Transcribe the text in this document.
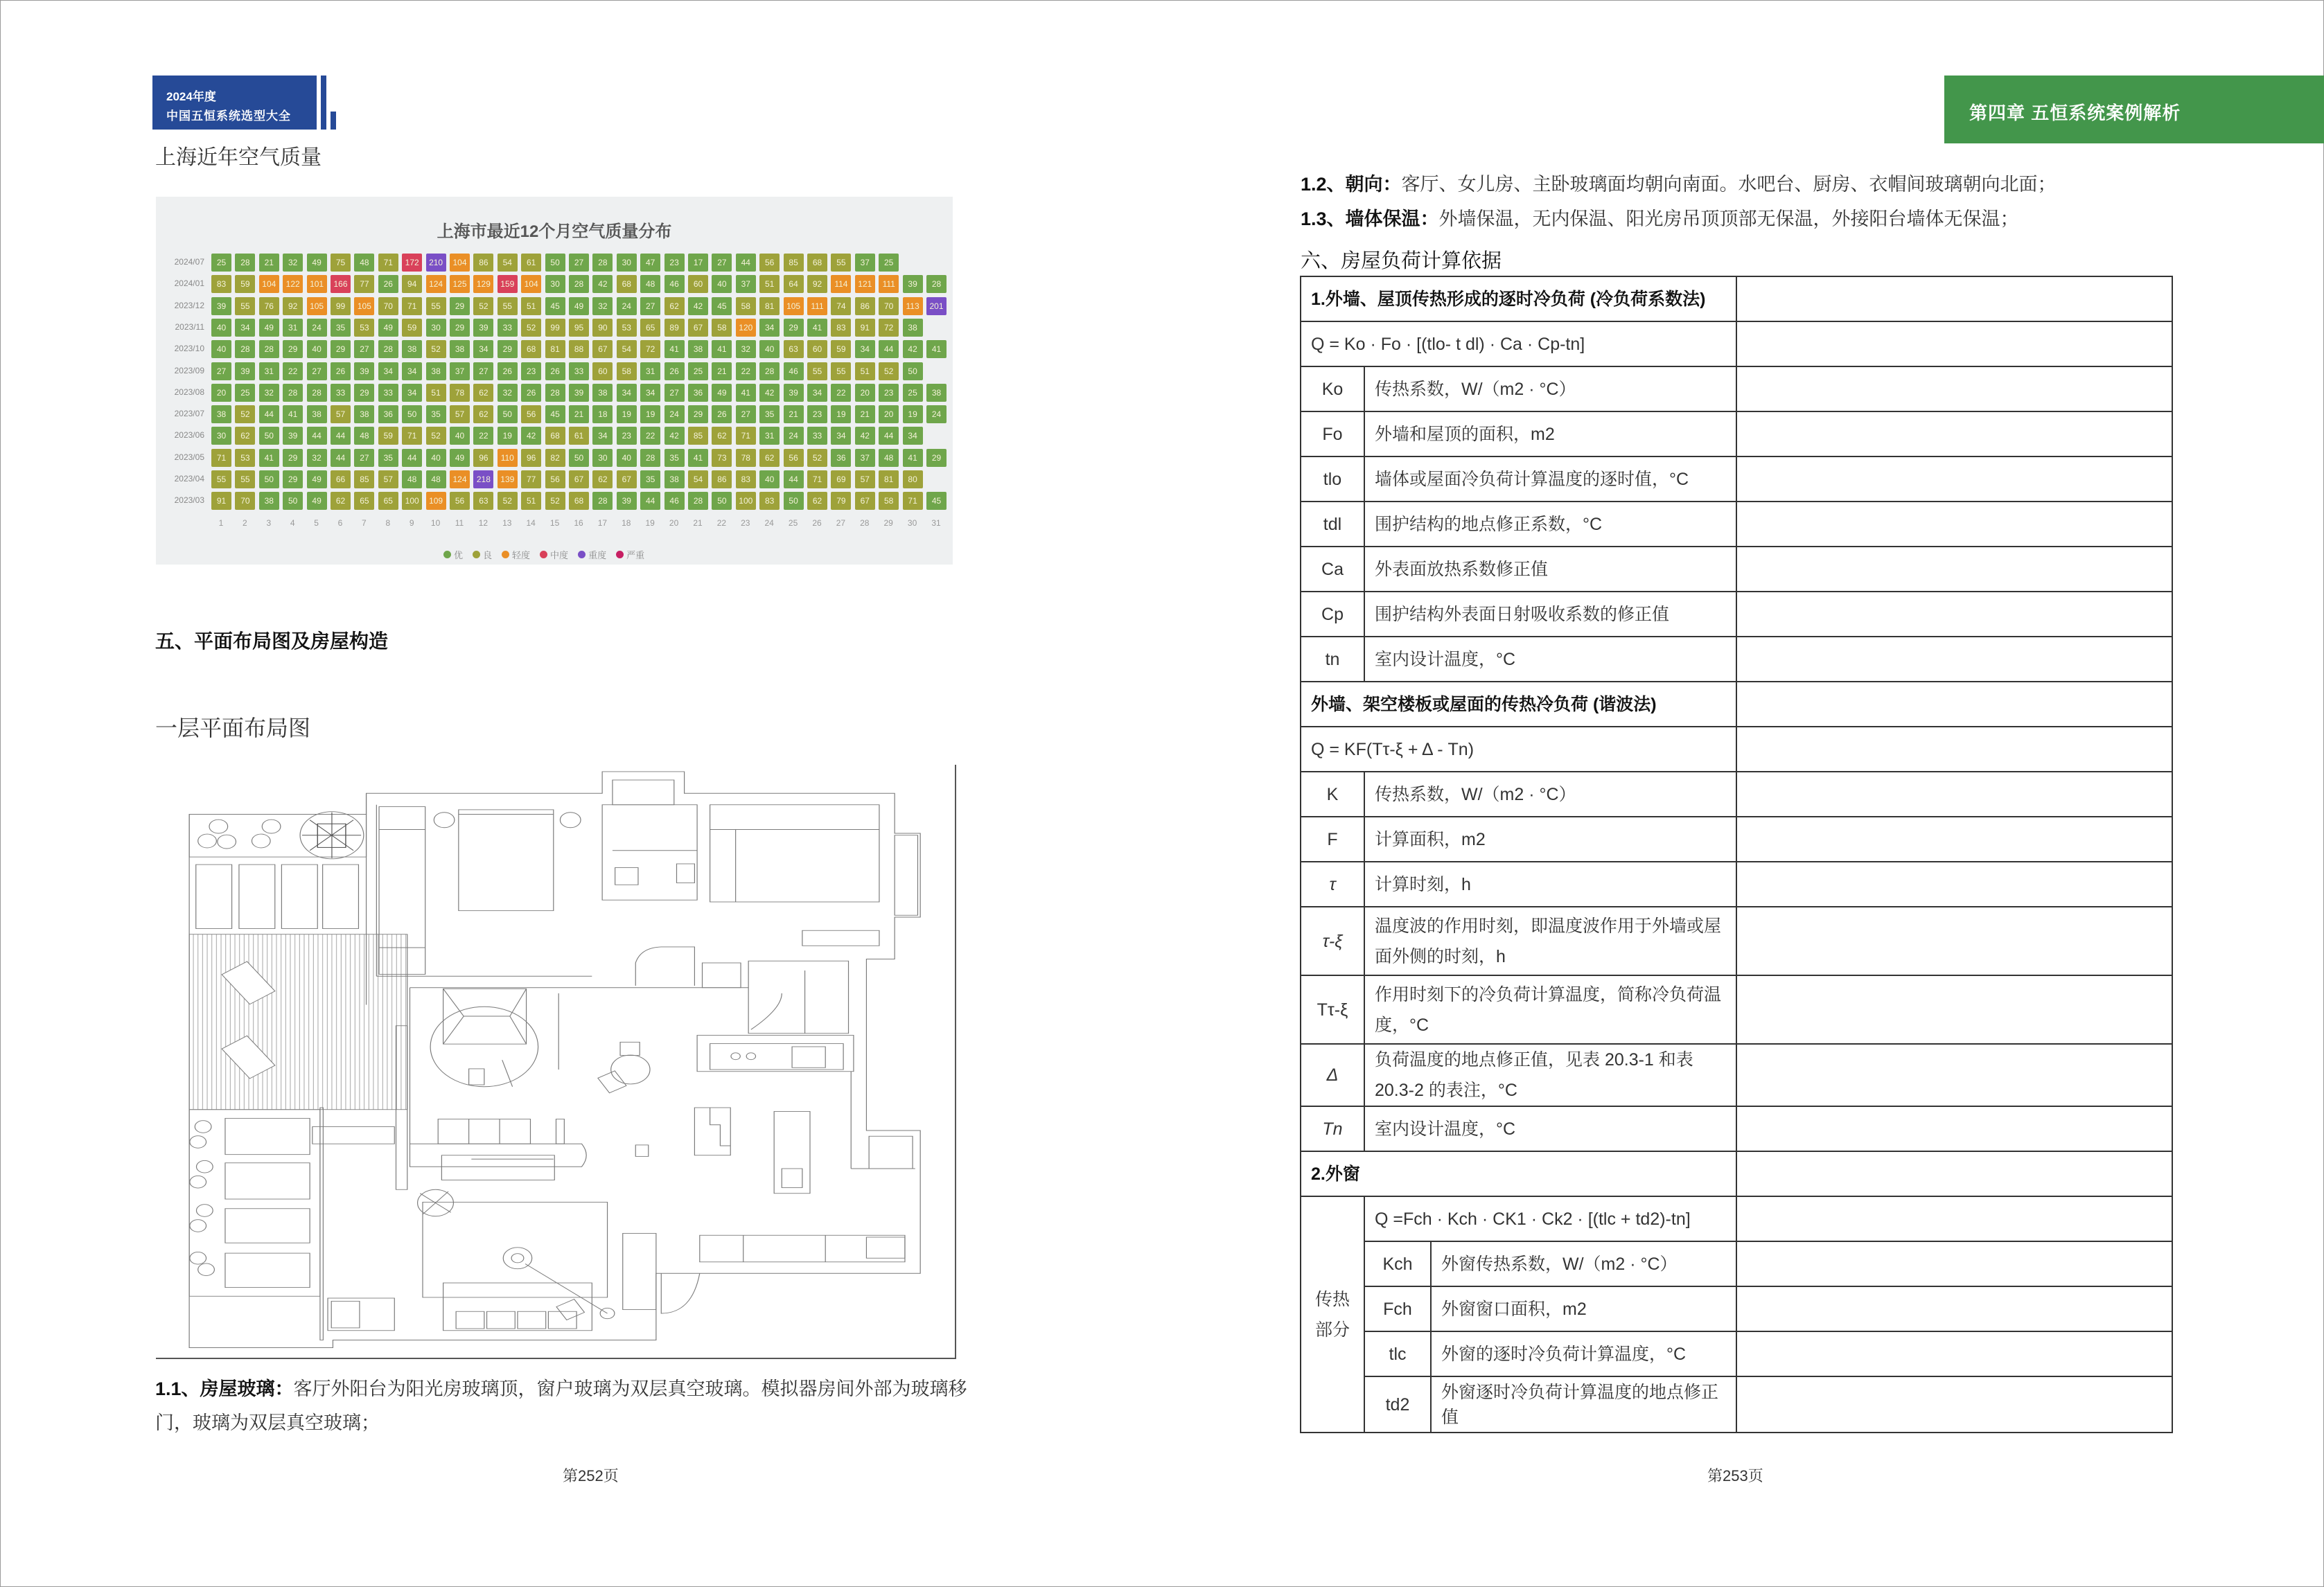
2024年度
中国五恒系统选型大全
上海近年空气质量
上海市最近12个月空气质量分布
2024/07	25	28	21	32	49	75	48	71	172	210	104	86	54	61	50	27	28	30	47	23	17	27	44	56	85	68	55	37	25
2024/01	83	59	104	122	101	166	77	26	94	124	125	129	159	104	30	28	42	68	48	46	60	40	37	51	64	92	114	121	111	39	28
2023/12	39	55	76	92	105	99	105	70	71	55	29	52	55	51	45	49	32	24	27	62	42	45	58	81	105	111	74	86	70	113	201
2023/11	40	34	49	31	24	35	53	49	59	30	29	39	33	52	99	95	90	53	65	89	67	58	120	34	29	41	83	91	72	38
2023/10	40	28	28	29	40	29	27	28	38	52	38	34	29	68	81	88	67	54	72	41	38	41	32	40	63	60	59	34	44	42	41
2023/09	27	39	31	22	27	26	39	34	34	38	37	27	26	23	26	33	60	58	31	26	25	21	22	28	46	55	55	51	52	50
2023/08	20	25	32	28	28	33	29	33	34	51	78	62	32	26	28	39	38	34	34	27	36	49	41	42	39	34	22	20	23	25	38
2023/07	38	52	44	41	38	57	38	36	50	35	57	62	50	56	45	21	18	19	19	24	29	26	27	35	21	23	19	21	20	19	24
2023/06	30	62	50	39	44	44	48	59	71	52	40	22	19	42	68	61	34	23	22	42	85	62	71	31	24	33	34	42	44	34
2023/05	71	53	41	29	32	44	27	35	44	40	49	96	110	96	82	50	30	40	28	35	41	73	78	62	56	52	36	37	48	41	29
2023/04	55	55	50	29	49	66	85	57	48	48	124	218	139	77	56	67	62	67	35	38	54	86	83	40	44	71	69	57	81	80
2023/03	91	70	38	50	49	62	65	65	100	109	56	63	52	51	52	68	28	39	44	46	28	50	100	83	50	62	79	67	58	71	45
1	2	3	4	5	6	7	8	9	10	11	12	13	14	15	16	17	18	19	20	21	22	23	24	25	26	27	28	29	30	31
优 良 轻度 中度 重度 严重
五、平面布局图及房屋构造
一层平面布局图
1.1、房屋玻璃：客厅外阳台为阳光房玻璃顶，窗户玻璃为双层真空玻璃。模拟器房间外部为玻璃移
门，玻璃为双层真空玻璃；
第252页
第四章 五恒系统案例解析
1.2、朝向：客厅、女儿房、主卧玻璃面均朝向南面。水吧台、厨房、衣帽间玻璃朝向北面；
1.3、墙体保温：外墙保温，无内保温、阳光房吊顶顶部无保温，外接阳台墙体无保温；
六、房屋负荷计算依据
1.外墙、屋顶传热形成的逐时冷负荷 (冷负荷系数法)			
Q = Ko · Fo · [(tlo- t dl) · Ca · Cp-tn]			
Ko	传热系数，W/（m2 · °C）		
Fo	外墙和屋顶的面积，m2		
tlo	墙体或屋面冷负荷计算温度的逐时值，°C		
tdl	围护结构的地点修正系数，°C		
Ca	外表面放热系数修正值		
Cp	围护结构外表面日射吸收系数的修正值		
tn	室内设计温度，°C		
外墙、架空楼板或屋面的传热冷负荷 (谐波法)			
Q = KF(Tτ-ξ + Δ - Tn)			
K	传热系数，W/（m2 · °C）		
F	计算面积，m2		
τ	计算时刻，h		
τ-ξ	温度波的作用时刻，即温度波作用于外墙或屋面外侧的时刻，h		
Tτ-ξ	作用时刻下的冷负荷计算温度，简称冷负荷温度，°C		
Δ	负荷温度的地点修正值，见表 20.3-1 和表 20.3-2 的表注，°C		
Tn	室内设计温度，°C		
2.外窗			
传热部分	Q =Fch · Kch · CK1 · Ck2 · [(tlc + td2)-tn]		
	Kch	外窗传热系数，W/（m2 · °C）	
	Fch	外窗窗口面积，m2	
	tlc	外窗的逐时冷负荷计算温度，°C	
	td2	外窗逐时冷负荷计算温度的地点修正值	
第253页
